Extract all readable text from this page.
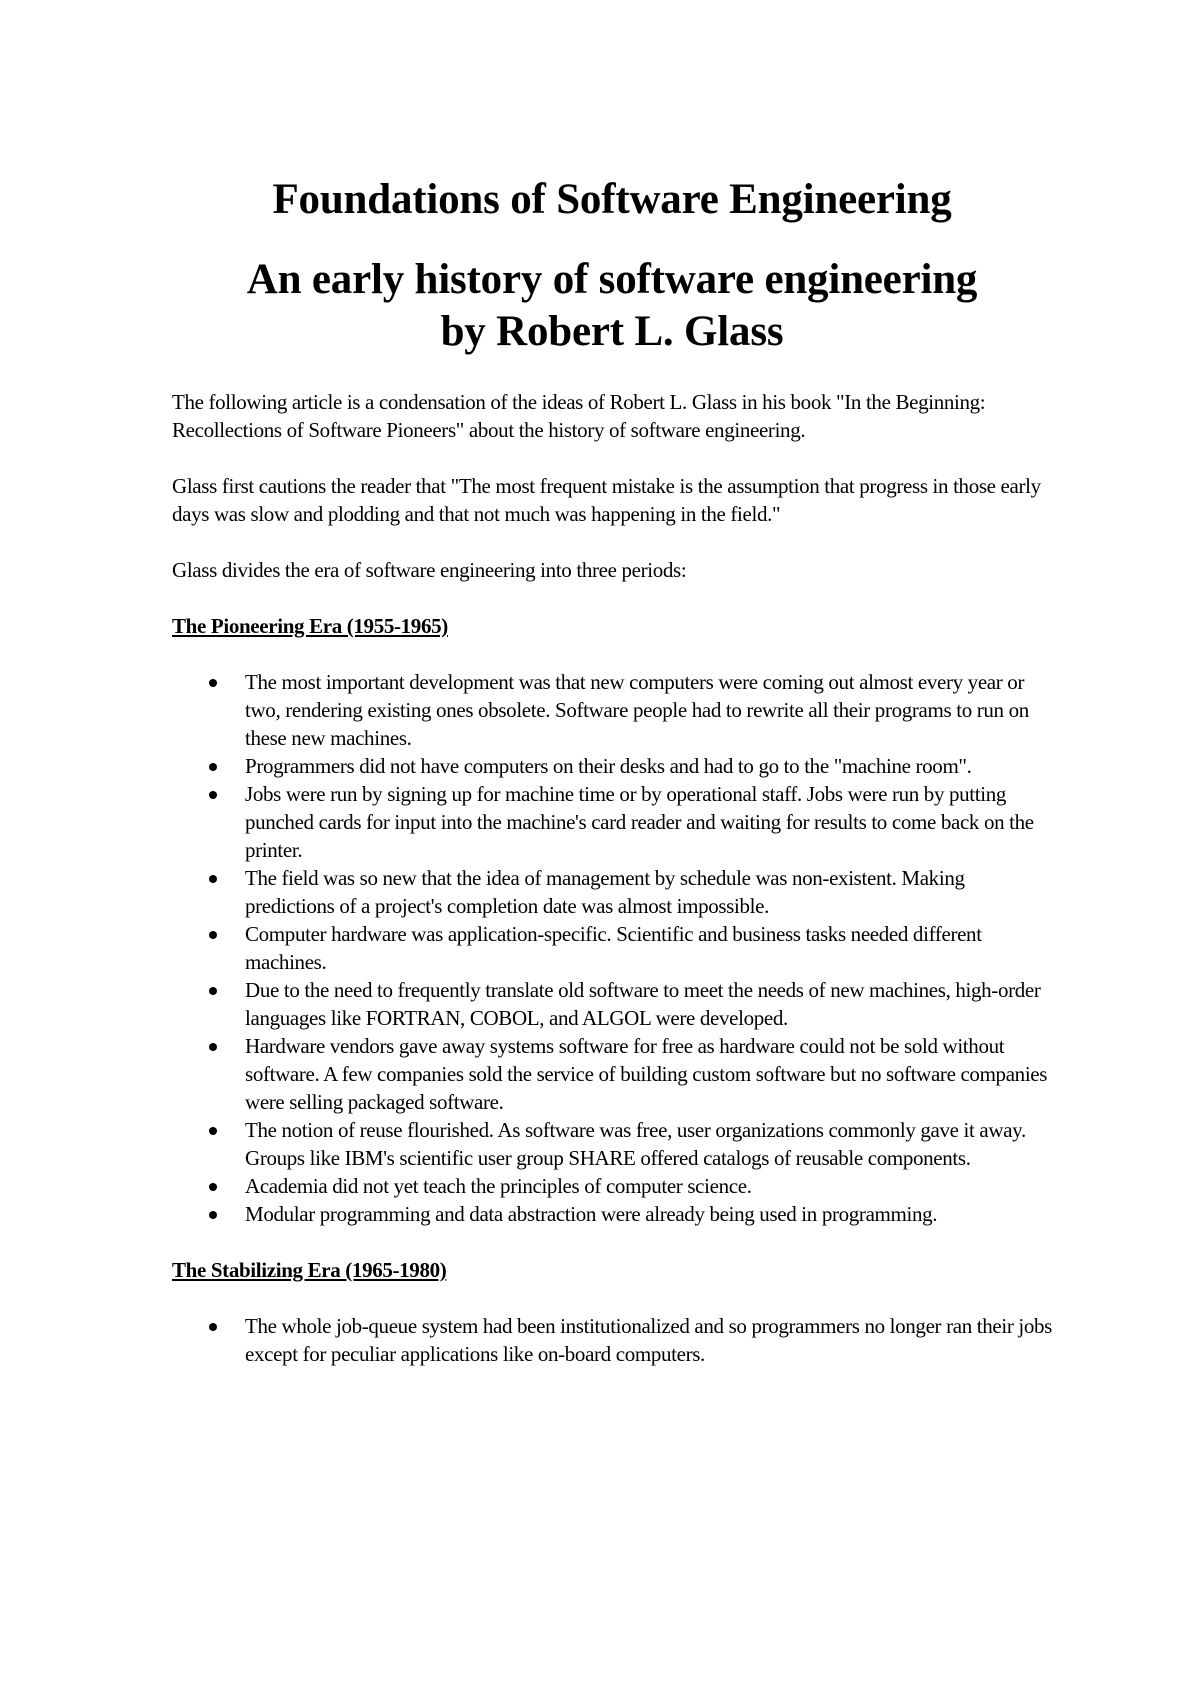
Foundations of Software Engineering
An early history of software engineering
by Robert L. Glass

The following article is a condensation of the ideas of Robert L. Glass in his book "In the Beginning: Recollections of Software Pioneers" about the history of software engineering.

Glass first cautions the reader that "The most frequent mistake is the assumption that progress in those early days was slow and plodding and that not much was happening in the field."

Glass divides the era of software engineering into three periods:

The Pioneering Era (1955-1965)
The most important development was that new computers were coming out almost every year or two, rendering existing ones obsolete. Software people had to rewrite all their programs to run on these new machines.
Programmers did not have computers on their desks and had to go to the "machine room".
Jobs were run by signing up for machine time or by operational staff. Jobs were run by putting punched cards for input into the machine's card reader and waiting for results to come back on the printer.
The field was so new that the idea of management by schedule was non-existent. Making predictions of a project's completion date was almost impossible.
Computer hardware was application-specific. Scientific and business tasks needed different machines.
Due to the need to frequently translate old software to meet the needs of new machines, high-order languages like FORTRAN, COBOL, and ALGOL were developed.
Hardware vendors gave away systems software for free as hardware could not be sold without software. A few companies sold the service of building custom software but no software companies were selling packaged software.
The notion of reuse flourished. As software was free, user organizations commonly gave it away. Groups like IBM's scientific user group SHARE offered catalogs of reusable components.
Academia did not yet teach the principles of computer science.
Modular programming and data abstraction were already being used in programming.
The Stabilizing Era (1965-1980)
The whole job-queue system had been institutionalized and so programmers no longer ran their jobs except for peculiar applications like on-board computers.
